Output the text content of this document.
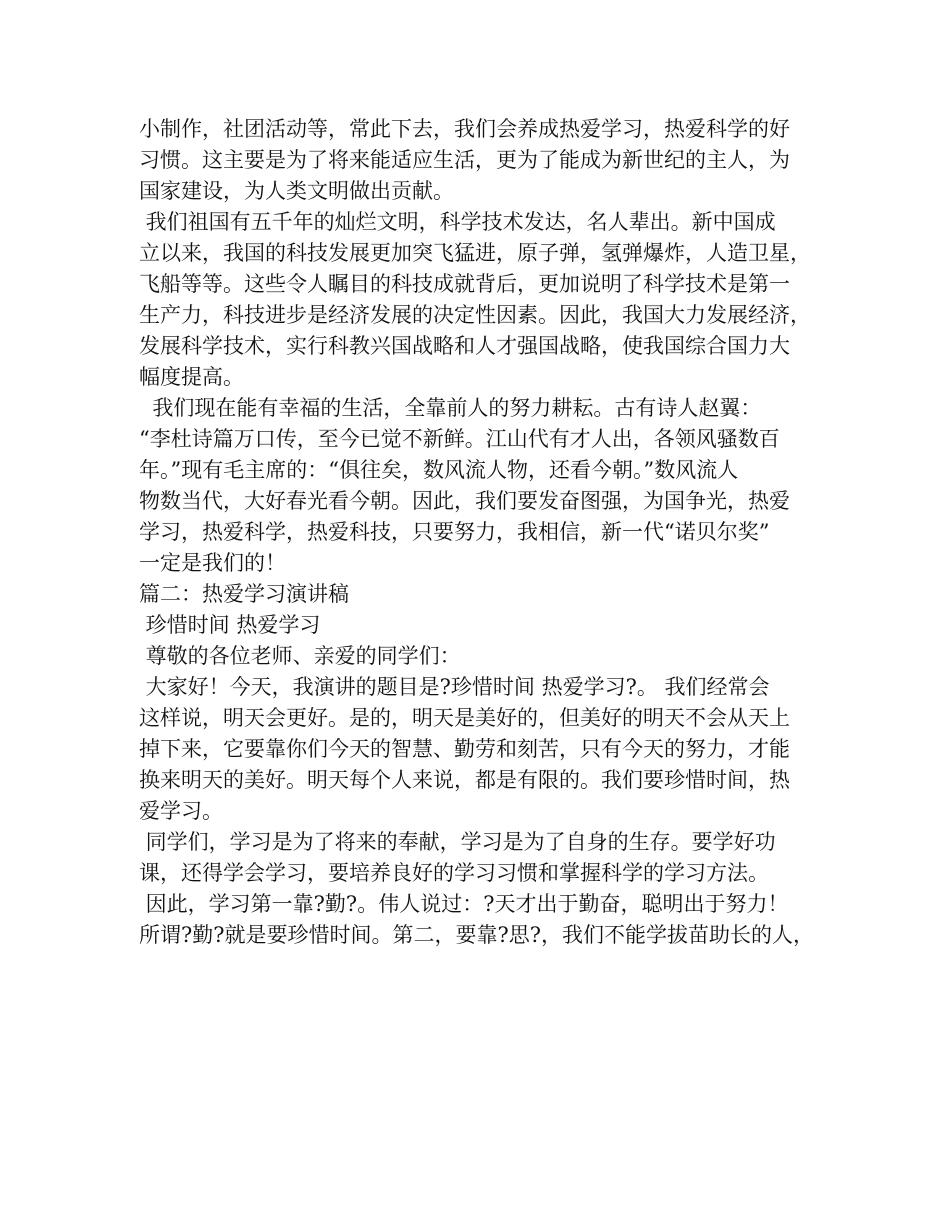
小制作，社团活动等，常此下去，我们会养成热爱学习，热爱科学的好
习惯。这主要是为了将来能适应生活，更为了能成为新世纪的主人，为
国家建设，为人类文明做出贡献。
我们祖国有五千年的灿烂文明，科学技术发达，名人辈出。新中国成
立以来，我国的科技发展更加突飞猛进，原子弹，氢弹爆炸，人造卫星，
飞船等等。这些令人瞩目的科技成就背后，更加说明了科学技术是第一
生产力，科技进步是经济发展的决定性因素。因此，我国大力发展经济，
发展科学技术，实行科教兴国战略和人才强国战略，使我国综合国力大
幅度提高。
我们现在能有幸福的生活，全靠前人的努力耕耘。古有诗人赵翼：
“李杜诗篇万口传，至今已觉不新鲜。江山代有才人出，各领风骚数百
年。”现有毛主席的：“俱往矣，数风流人物，还看今朝。”数风流人
物数当代，大好春光看今朝。因此，我们要发奋图强，为国争光，热爱
学习，热爱科学，热爱科技，只要努力，我相信，新一代“诺贝尔奖”
一定是我们的！
篇二：热爱学习演讲稿
珍惜时间 热爱学习
尊敬的各位老师、亲爱的同学们：
大家好！今天，我演讲的题目是?珍惜时间 热爱学习?。 我们经常会
这样说，明天会更好。是的，明天是美好的，但美好的明天不会从天上
掉下来，它要靠你们今天的智慧、勤劳和刻苦，只有今天的努力，才能
换来明天的美好。明天每个人来说，都是有限的。我们要珍惜时间，热
爱学习。
同学们，学习是为了将来的奉献，学习是为了自身的生存。要学好功
课，还得学会学习，要培养良好的学习习惯和掌握科学的学习方法。
因此，学习第一靠?勤?。伟人说过：?天才出于勤奋，聪明出于努力！
所谓?勤?就是要珍惜时间。第二，要靠?思?，我们不能学拔苗助长的人，
